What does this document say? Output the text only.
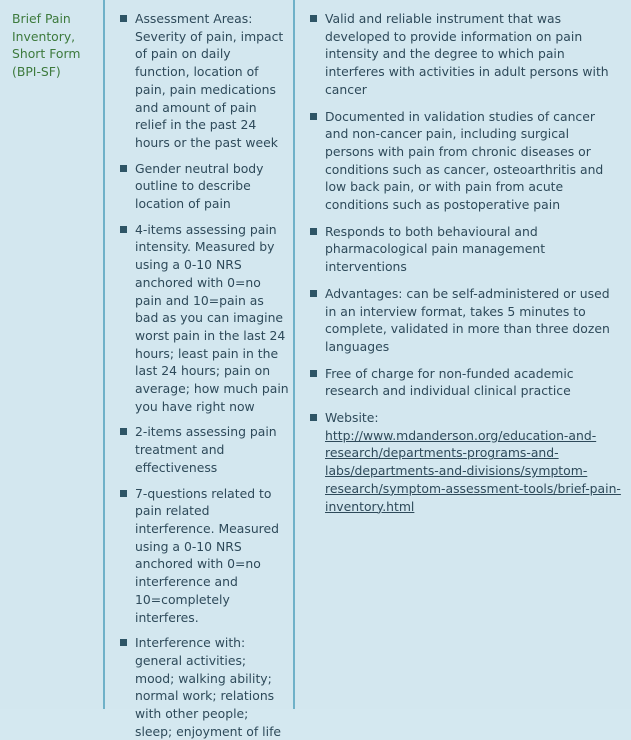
Brief Pain
Inventory,
Short Form
(BPI-SF)
Assessment Areas: Severity of pain, impact of pain on daily function, location of pain, pain medications and amount of pain relief in the past 24 hours or the past week
Gender neutral body outline to describe location of pain
4-items assessing pain intensity. Measured by using a 0-10 NRS anchored with 0=no pain and 10=pain as bad as you can imagine worst pain in the last 24 hours; least pain in the last 24 hours; pain on average; how much pain you have right now
2-items assessing pain treatment and effectiveness
7-questions related to pain related interference. Measured using a 0-10 NRS anchored with 0=no interference and 10=completely interferes.
Interference with: general activities; mood; walking ability; normal work; relations with other people; sleep; enjoyment of life
Valid and reliable instrument that was developed to provide information on pain intensity and the degree to which pain interferes with activities in adult persons with cancer
Documented in validation studies of cancer and non-cancer pain, including surgical persons with pain from chronic diseases or conditions such as cancer, osteoarthritis and low back pain, or with pain from acute conditions such as postoperative pain
Responds to both behavioural and pharmacological pain management interventions
Advantages: can be self-administered or used in an interview format, takes 5 minutes to complete, validated in more than three dozen languages
Free of charge for non-funded academic research and individual clinical practice
Website: http://www.mdanderson.org/education-and-research/departments-programs-and-labs/departments-and-divisions/symptom-research/symptom-assessment-tools/brief-pain-inventory.html
